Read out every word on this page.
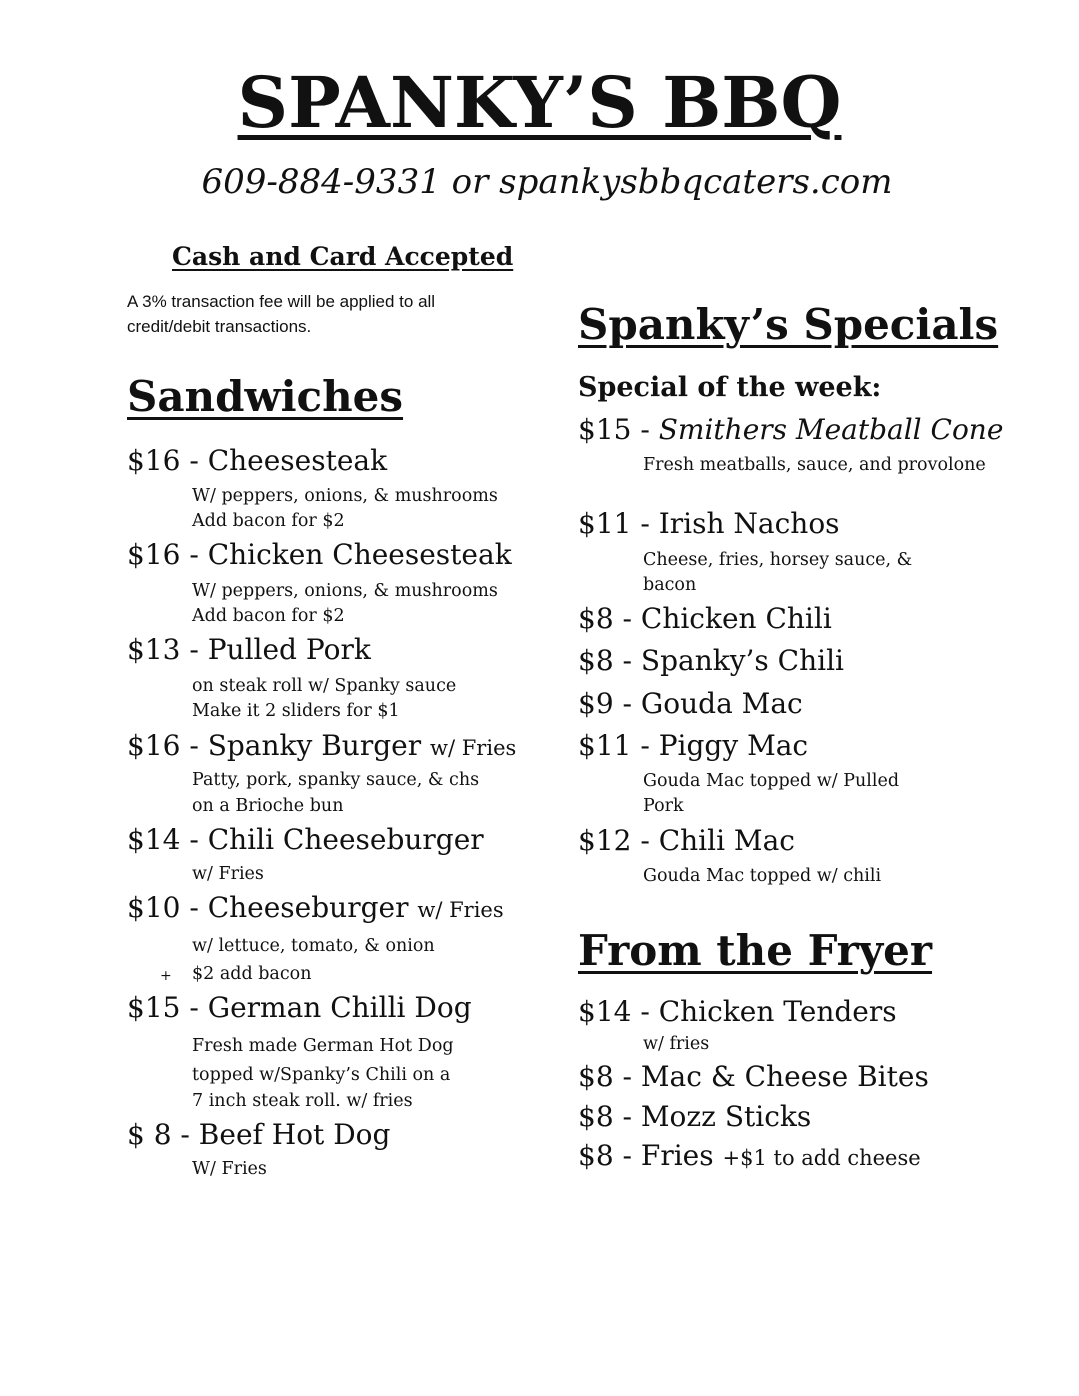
SPANKY’S BBQ
609-884-9331 or spankysbbqcaters.com
Cash and Card Accepted
A 3% transaction fee will be applied to all
credit/debit transactions.
Sandwiches
$16 - Cheesesteak
W/ peppers, onions, & mushrooms
Add bacon for $2
$16 - Chicken Cheesesteak
W/ peppers, onions, & mushrooms
Add bacon for $2
$13 - Pulled Pork
on steak roll w/ Spanky sauce
Make it 2 sliders for $1
$16 - Spanky Burger w/ Fries
Patty, pork, spanky sauce, & chs
on a Brioche bun
$14 - Chili Cheeseburger
w/ Fries
$10 - Cheeseburger w/ Fries
w/ lettuce, tomato, & onion
+ $2 add bacon
$15 - German Chilli Dog
Fresh made German Hot Dog
topped w/Spanky’s Chili on a
7 inch steak roll. w/ fries
$ 8 - Beef Hot Dog
W/ Fries
Spanky’s Specials
Special of the week:
$15 - Smithers Meatball Cone
Fresh meatballs, sauce, and provolone
$11 - Irish Nachos
Cheese, fries, horsey sauce, &
bacon
$8 - Chicken Chili
$8 - Spanky’s Chili
$9 - Gouda Mac
$11 - Piggy Mac
Gouda Mac topped w/ Pulled
Pork
$12 - Chili Mac
Gouda Mac topped w/ chili
From the Fryer
$14 - Chicken Tenders
w/ fries
$8 - Mac & Cheese Bites
$8 - Mozz Sticks
$8 - Fries +$1 to add cheese
